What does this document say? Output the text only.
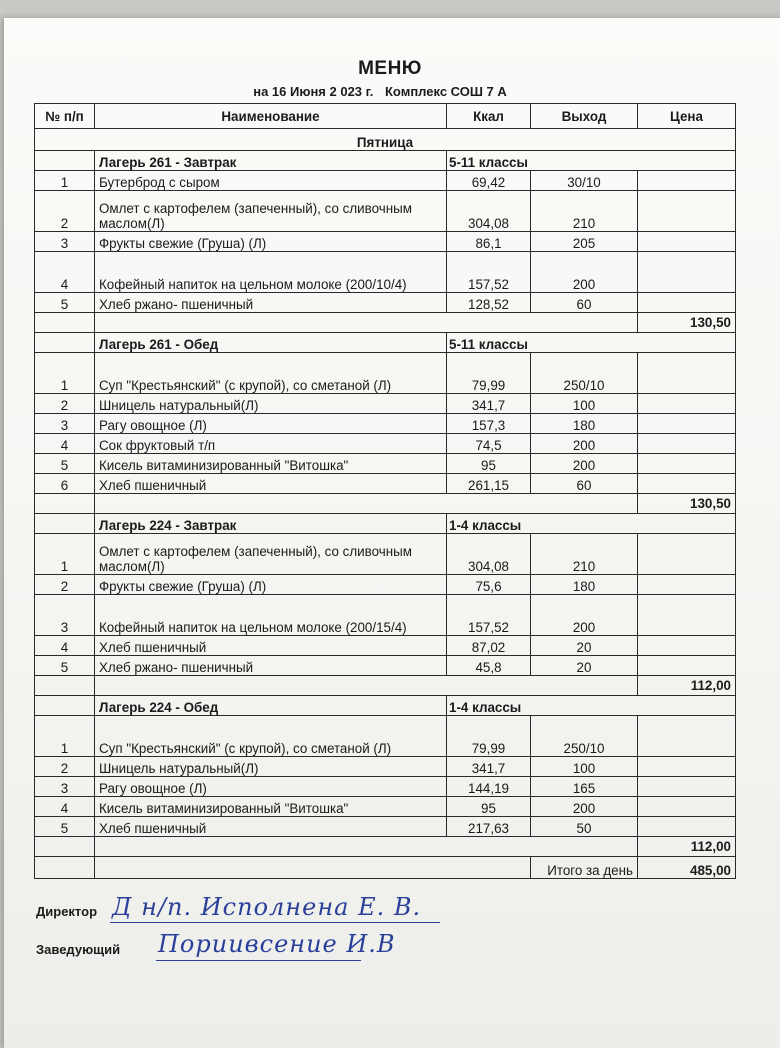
МЕНЮ
на 16 Июня 2 023 г. Комплекс СОШ 7 А
№ п/п	Наименование	Ккал	Выход	Цена
Пятница				
	Лагерь 261 - Завтрак	5-11 классы		
1	Бутерброд с сыром	69,42	30/10	
2	Омлет с картофелем (запеченный), со сливочным маслом(Л)	304,08	210	
3	Фрукты свежие (Груша) (Л)	86,1	205	
4	Кофейный напиток на цельном молоке (200/10/4)	157,52	200	
5	Хлеб ржано- пшеничный	128,52	60	
				130,50
	Лагерь 261 - Обед	5-11 классы		
1	Суп "Крестьянский" (с крупой), со сметаной (Л)	79,99	250/10	
2	Шницель натуральный(Л)	341,7	100	
3	Рагу овощное (Л)	157,3	180	
4	Сок фруктовый т/п	74,5	200	
5	Кисель витаминизированный "Витошка"	95	200	
6	Хлеб пшеничный	261,15	60	
				130,50
	Лагерь 224 - Завтрак	1-4 классы		
1	Омлет с картофелем (запеченный), со сливочным маслом(Л)	304,08	210	
2	Фрукты свежие (Груша) (Л)	75,6	180	
3	Кофейный напиток на цельном молоке (200/15/4)	157,52	200	
4	Хлеб пшеничный	87,02	20	
5	Хлеб ржано- пшеничный	45,8	20	
				112,00
	Лагерь 224 - Обед	1-4 классы		
1	Суп "Крестьянский" (с крупой), со сметаной (Л)	79,99	250/10	
2	Шницель натуральный(Л)	341,7	100	
3	Рагу овощное (Л)	144,19	165	
4	Кисель витаминизированный "Витошка"	95	200	
5	Хлеб пшеничный	217,63	50	
				112,00
			Итого за день	485,00
Директор Д н/п. Исполнена Е. В.
Заведующий Пориивсение И.В
